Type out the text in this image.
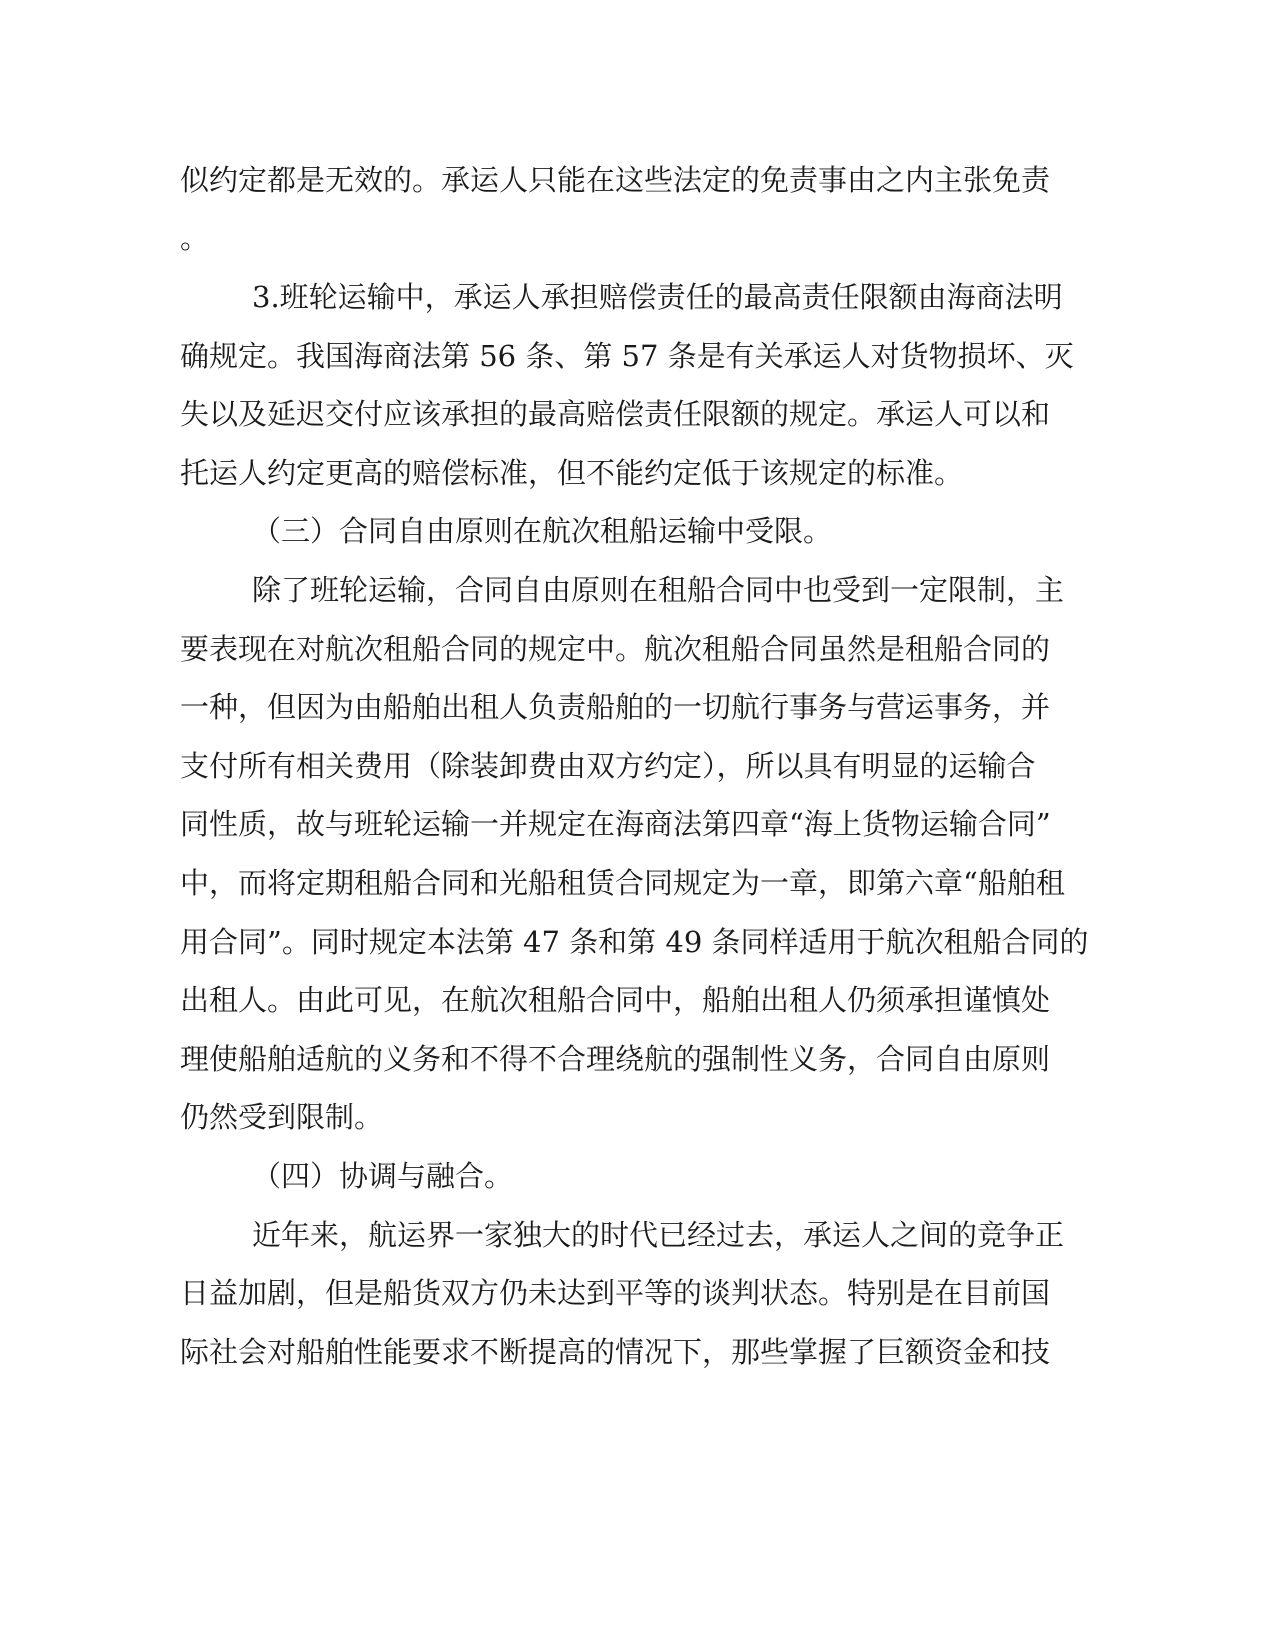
似约定都是无效的。承运人只能在这些法定的免责事由之内主张免责
。
3.班轮运输中，承运人承担赔偿责任的最高责任限额由海商法明
确规定。我国海商法第 56 条、第 57 条是有关承运人对货物损坏、灭
失以及延迟交付应该承担的最高赔偿责任限额的规定。承运人可以和
托运人约定更高的赔偿标准，但不能约定低于该规定的标准。
（三）合同自由原则在航次租船运输中受限。
除了班轮运输，合同自由原则在租船合同中也受到一定限制，主
要表现在对航次租船合同的规定中。航次租船合同虽然是租船合同的
一种，但因为由船舶出租人负责船舶的一切航行事务与营运事务，并
支付所有相关费用（除装卸费由双方约定），所以具有明显的运输合
同性质，故与班轮运输一并规定在海商法第四章“海上货物运输合同”
中，而将定期租船合同和光船租赁合同规定为一章，即第六章“船舶租
用合同”。同时规定本法第 47 条和第 49 条同样适用于航次租船合同的
出租人。由此可见，在航次租船合同中，船舶出租人仍须承担谨慎处
理使船舶适航的义务和不得不合理绕航的强制性义务，合同自由原则
仍然受到限制。
（四）协调与融合。
近年来，航运界一家独大的时代已经过去，承运人之间的竞争正
日益加剧，但是船货双方仍未达到平等的谈判状态。特别是在目前国
际社会对船舶性能要求不断提高的情况下，那些掌握了巨额资金和技
